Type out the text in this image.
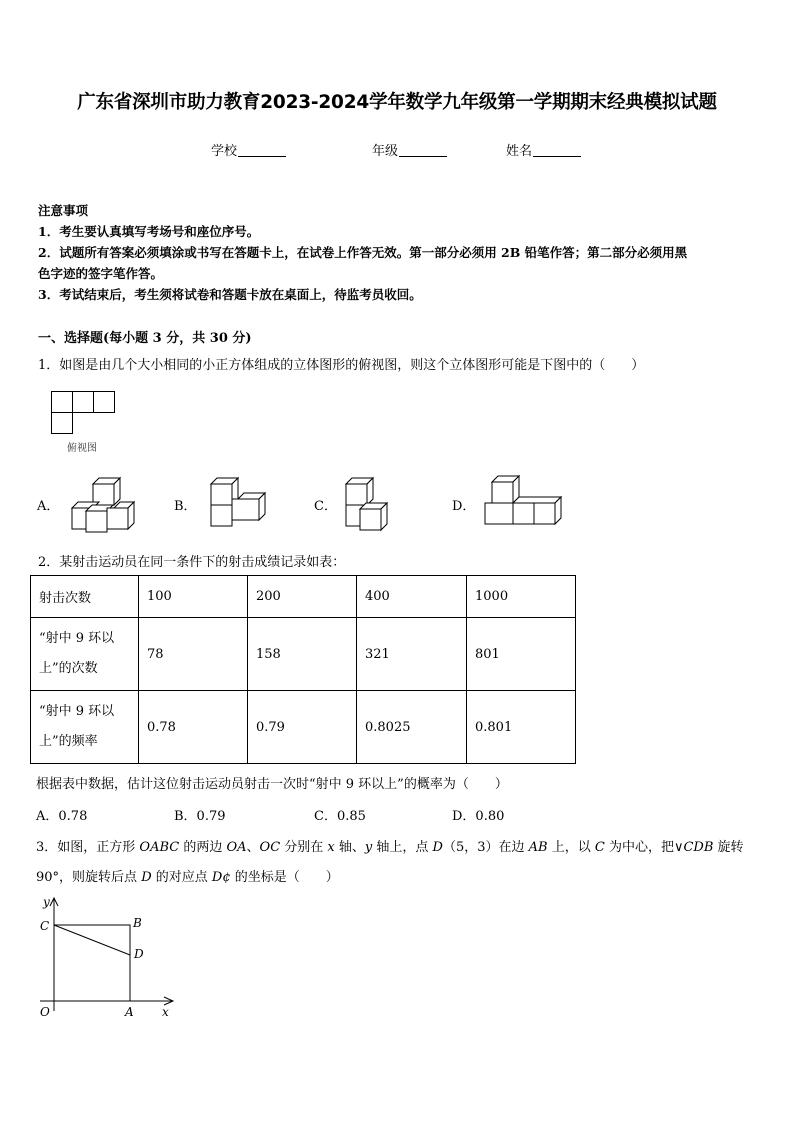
广东省深圳市助力教育2023-2024学年数学九年级第一学期期末经典模拟试题
学校	年级	姓名
注意事项
1．考生要认真填写考场号和座位序号。
2．试题所有答案必须填涂或书写在答题卡上，在试卷上作答无效。第一部分必须用 2B 铅笔作答；第二部分必须用黑
色字迹的签字笔作答。
3．考试结束后，考生须将试卷和答题卡放在桌面上，待监考员收回。
一、选择题(每小题 3 分，共 30 分)
1．如图是由几个大小相同的小正方体组成的立体图形的俯视图，则这个立体图形可能是下图中的（　　）
俯视图
A．	B．	C．	D．
2．某射击运动员在同一条件下的射击成绩记录如表：
射击次数	100	200	400	1000

“射中 9 环以
上”的次数	78	158	321	801

“射中 9 环以
上”的频率	0.78	0.79	0.8025	0.801
根据表中数据，估计这位射击运动员射击一次时“射中 9 环以上”的概率为（　　）
A．0.78	B．0.79	C．0.85	D．0.80
3．如图，正方形 OABC 的两边 OA、OC 分别在 x 轴、y 轴上，点 D（5，3）在边 AB 上，以 C 为中心，把∨CDB 旋转
90°，则旋转后点 D 的对应点 D¢ 的坐标是（　　）
y
C	B
D
O	A x
